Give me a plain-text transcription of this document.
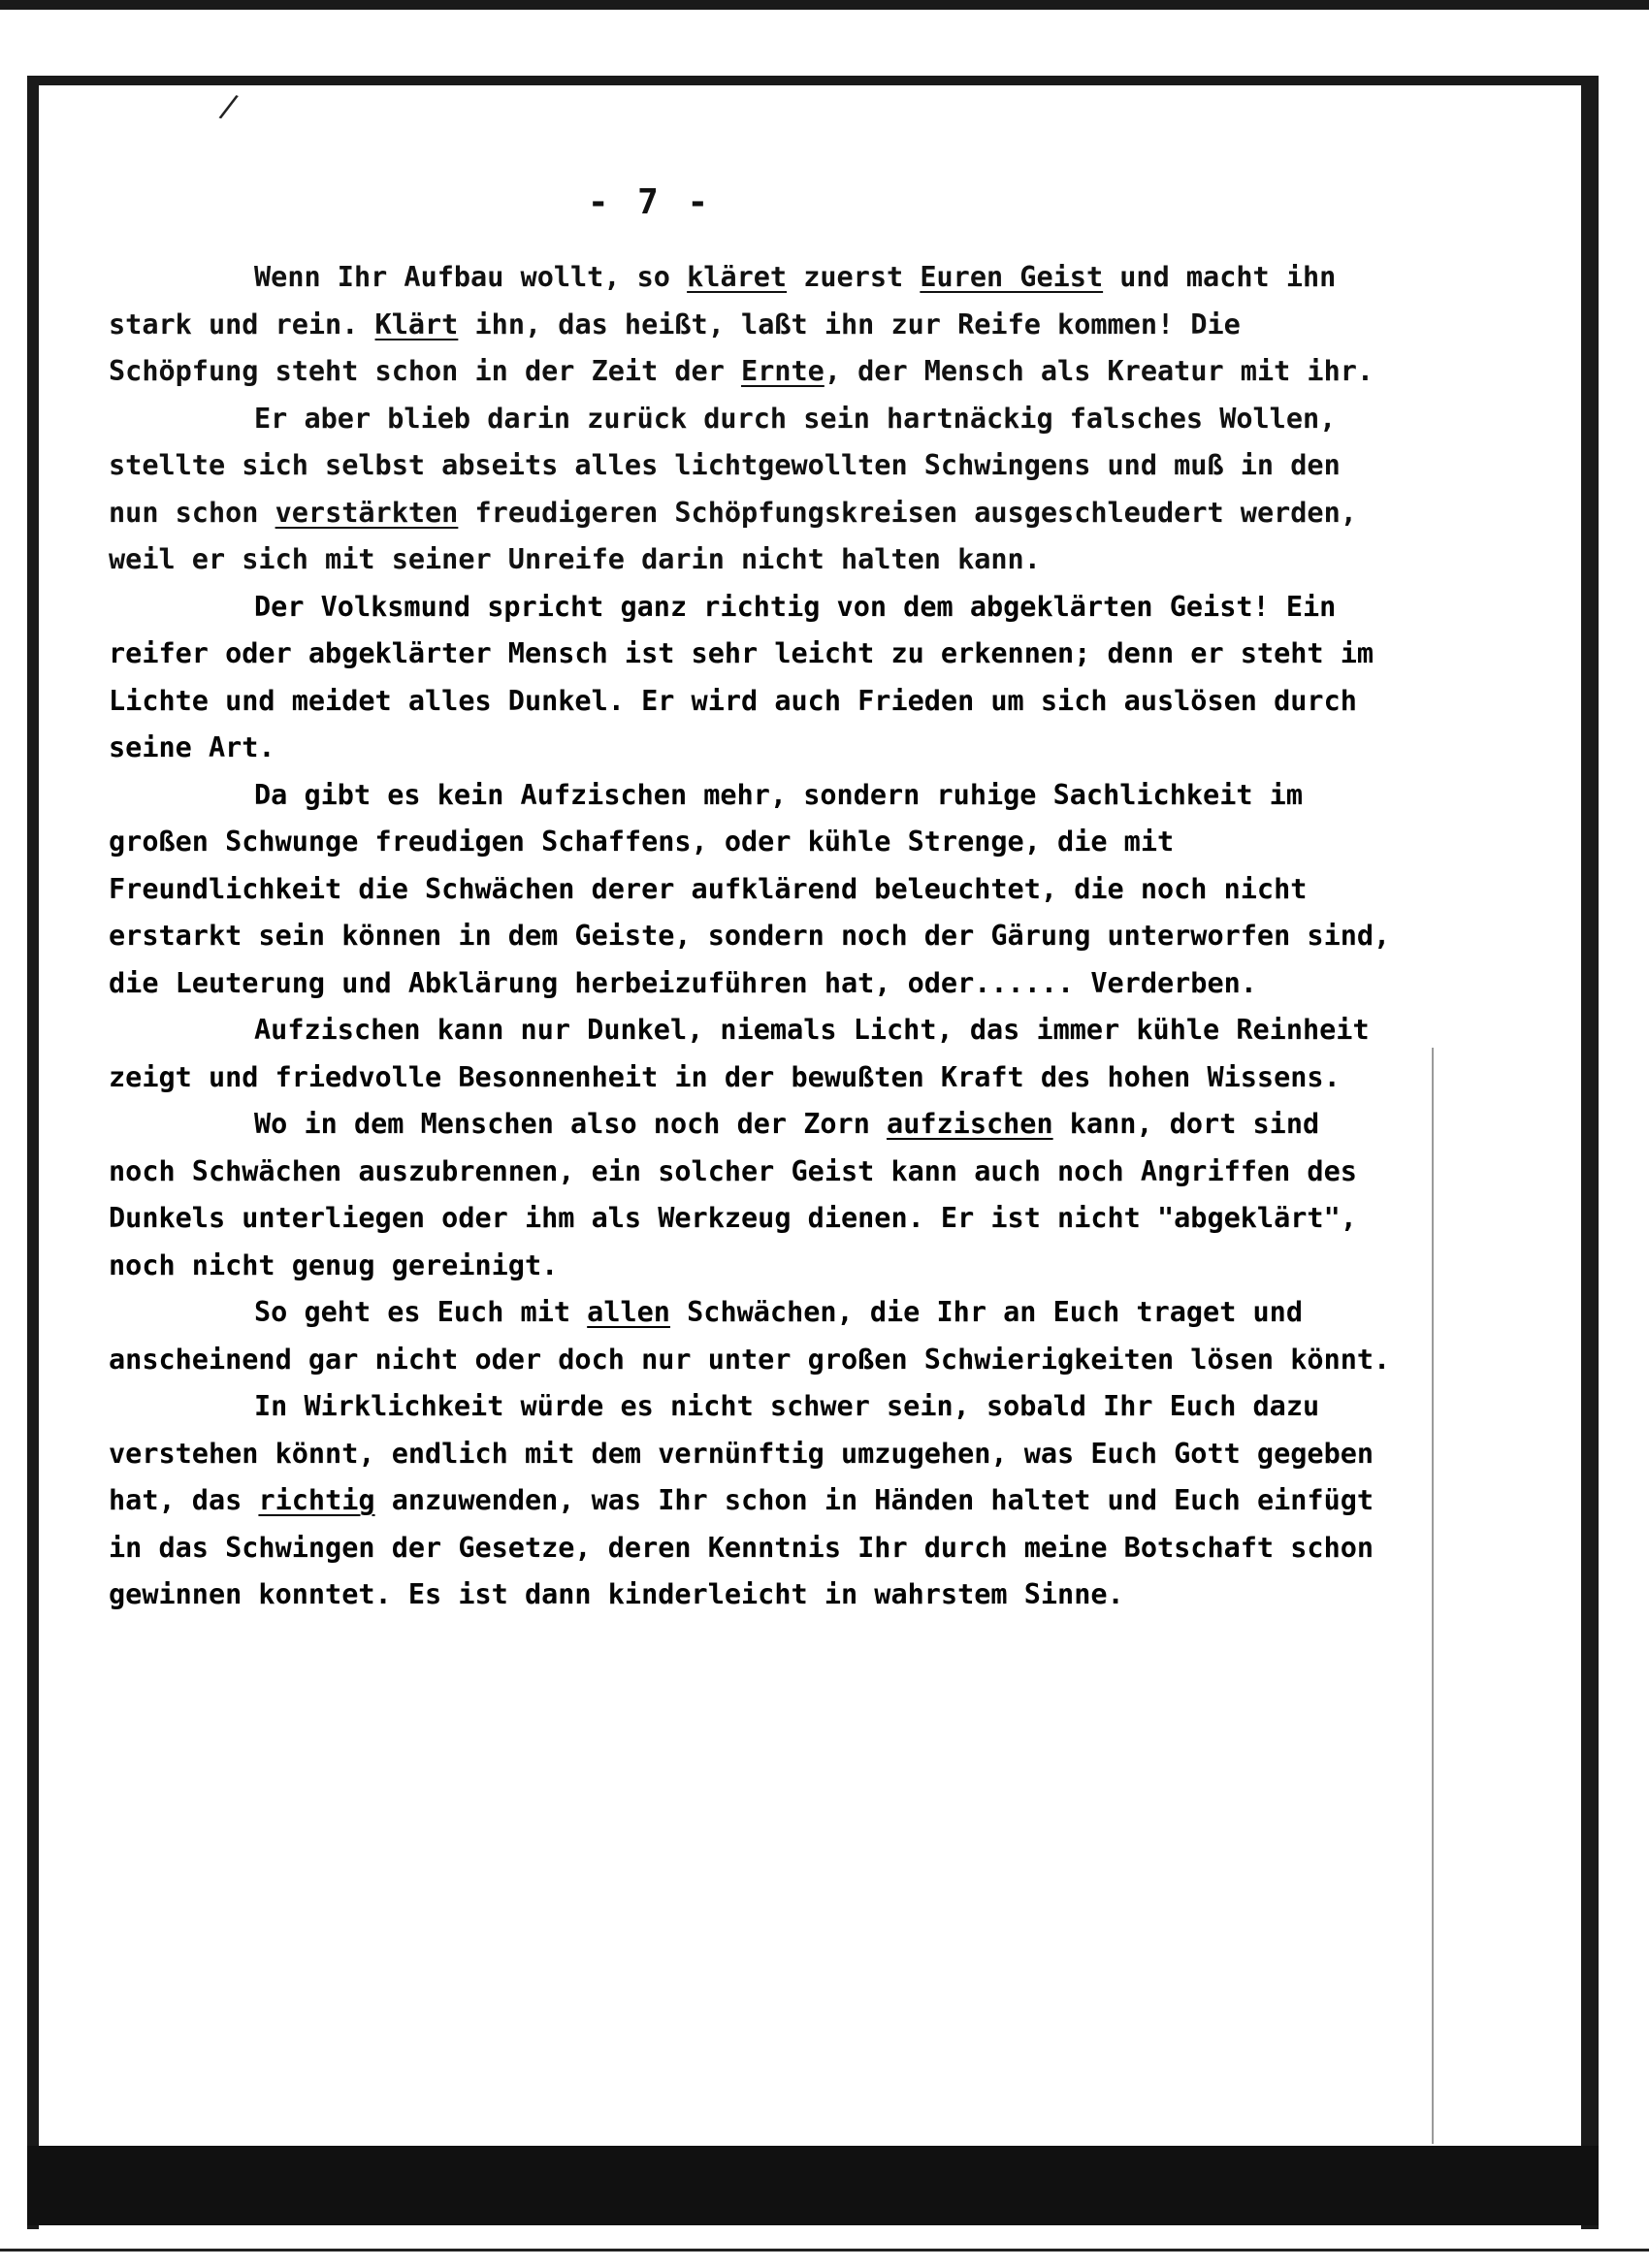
/
- 7 -

Wenn Ihr Aufbau wollt, so kläret zuerst Euren Geist und macht ihn stark und rein. Klärt ihn, das heißt, laßt ihn zur Reife kommen! Die Schöpfung steht schon in der Zeit der Ernte, der Mensch als Kreatur mit ihr.

Er aber blieb darin zurück durch sein hartnäckig falsches Wollen, stellte sich selbst abseits alles lichtgewollten Schwingens und muß in den nun schon verstärkten freudigeren Schöpfungskreisen ausgeschleudert werden, weil er sich mit seiner Unreife darin nicht halten kann.

Der Volksmund spricht ganz richtig von dem abgeklärten Geist! Ein reifer oder abgeklärter Mensch ist sehr leicht zu erkennen; denn er steht im Lichte und meidet alles Dunkel. Er wird auch Frieden um sich auslösen durch seine Art.

Da gibt es kein Aufzischen mehr, sondern ruhige Sachlichkeit im großen Schwunge freudigen Schaffens, oder kühle Strenge, die mit Freundlichkeit die Schwächen derer aufklärend beleuchtet, die noch nicht erstarkt sein können in dem Geiste, sondern noch der Gärung unterworfen sind, die Leuterung und Abklärung herbeizuführen hat, oder...... Verderben.

Aufzischen kann nur Dunkel, niemals Licht, das immer kühle Reinheit zeigt und friedvolle Besonnenheit in der bewußten Kraft des hohen Wissens.

Wo in dem Menschen also noch der Zorn aufzischen kann, dort sind noch Schwächen auszubrennen, ein solcher Geist kann auch noch Angriffen des Dunkels unterliegen oder ihm als Werkzeug dienen. Er ist nicht "abgeklärt", noch nicht genug gereinigt.

So geht es Euch mit allen Schwächen, die Ihr an Euch traget und anscheinend gar nicht oder doch nur unter großen Schwierigkeiten lösen könnt.

In Wirklichkeit würde es nicht schwer sein, sobald Ihr Euch dazu verstehen könnt, endlich mit dem vernünftig umzugehen, was Euch Gott gegeben hat, das richtig anzuwenden, was Ihr schon in Händen haltet und Euch einfügt in das Schwingen der Gesetze, deren Kenntnis Ihr durch meine Botschaft schon gewinnen konntet. Es ist dann kinderleicht in wahrstem Sinne.
